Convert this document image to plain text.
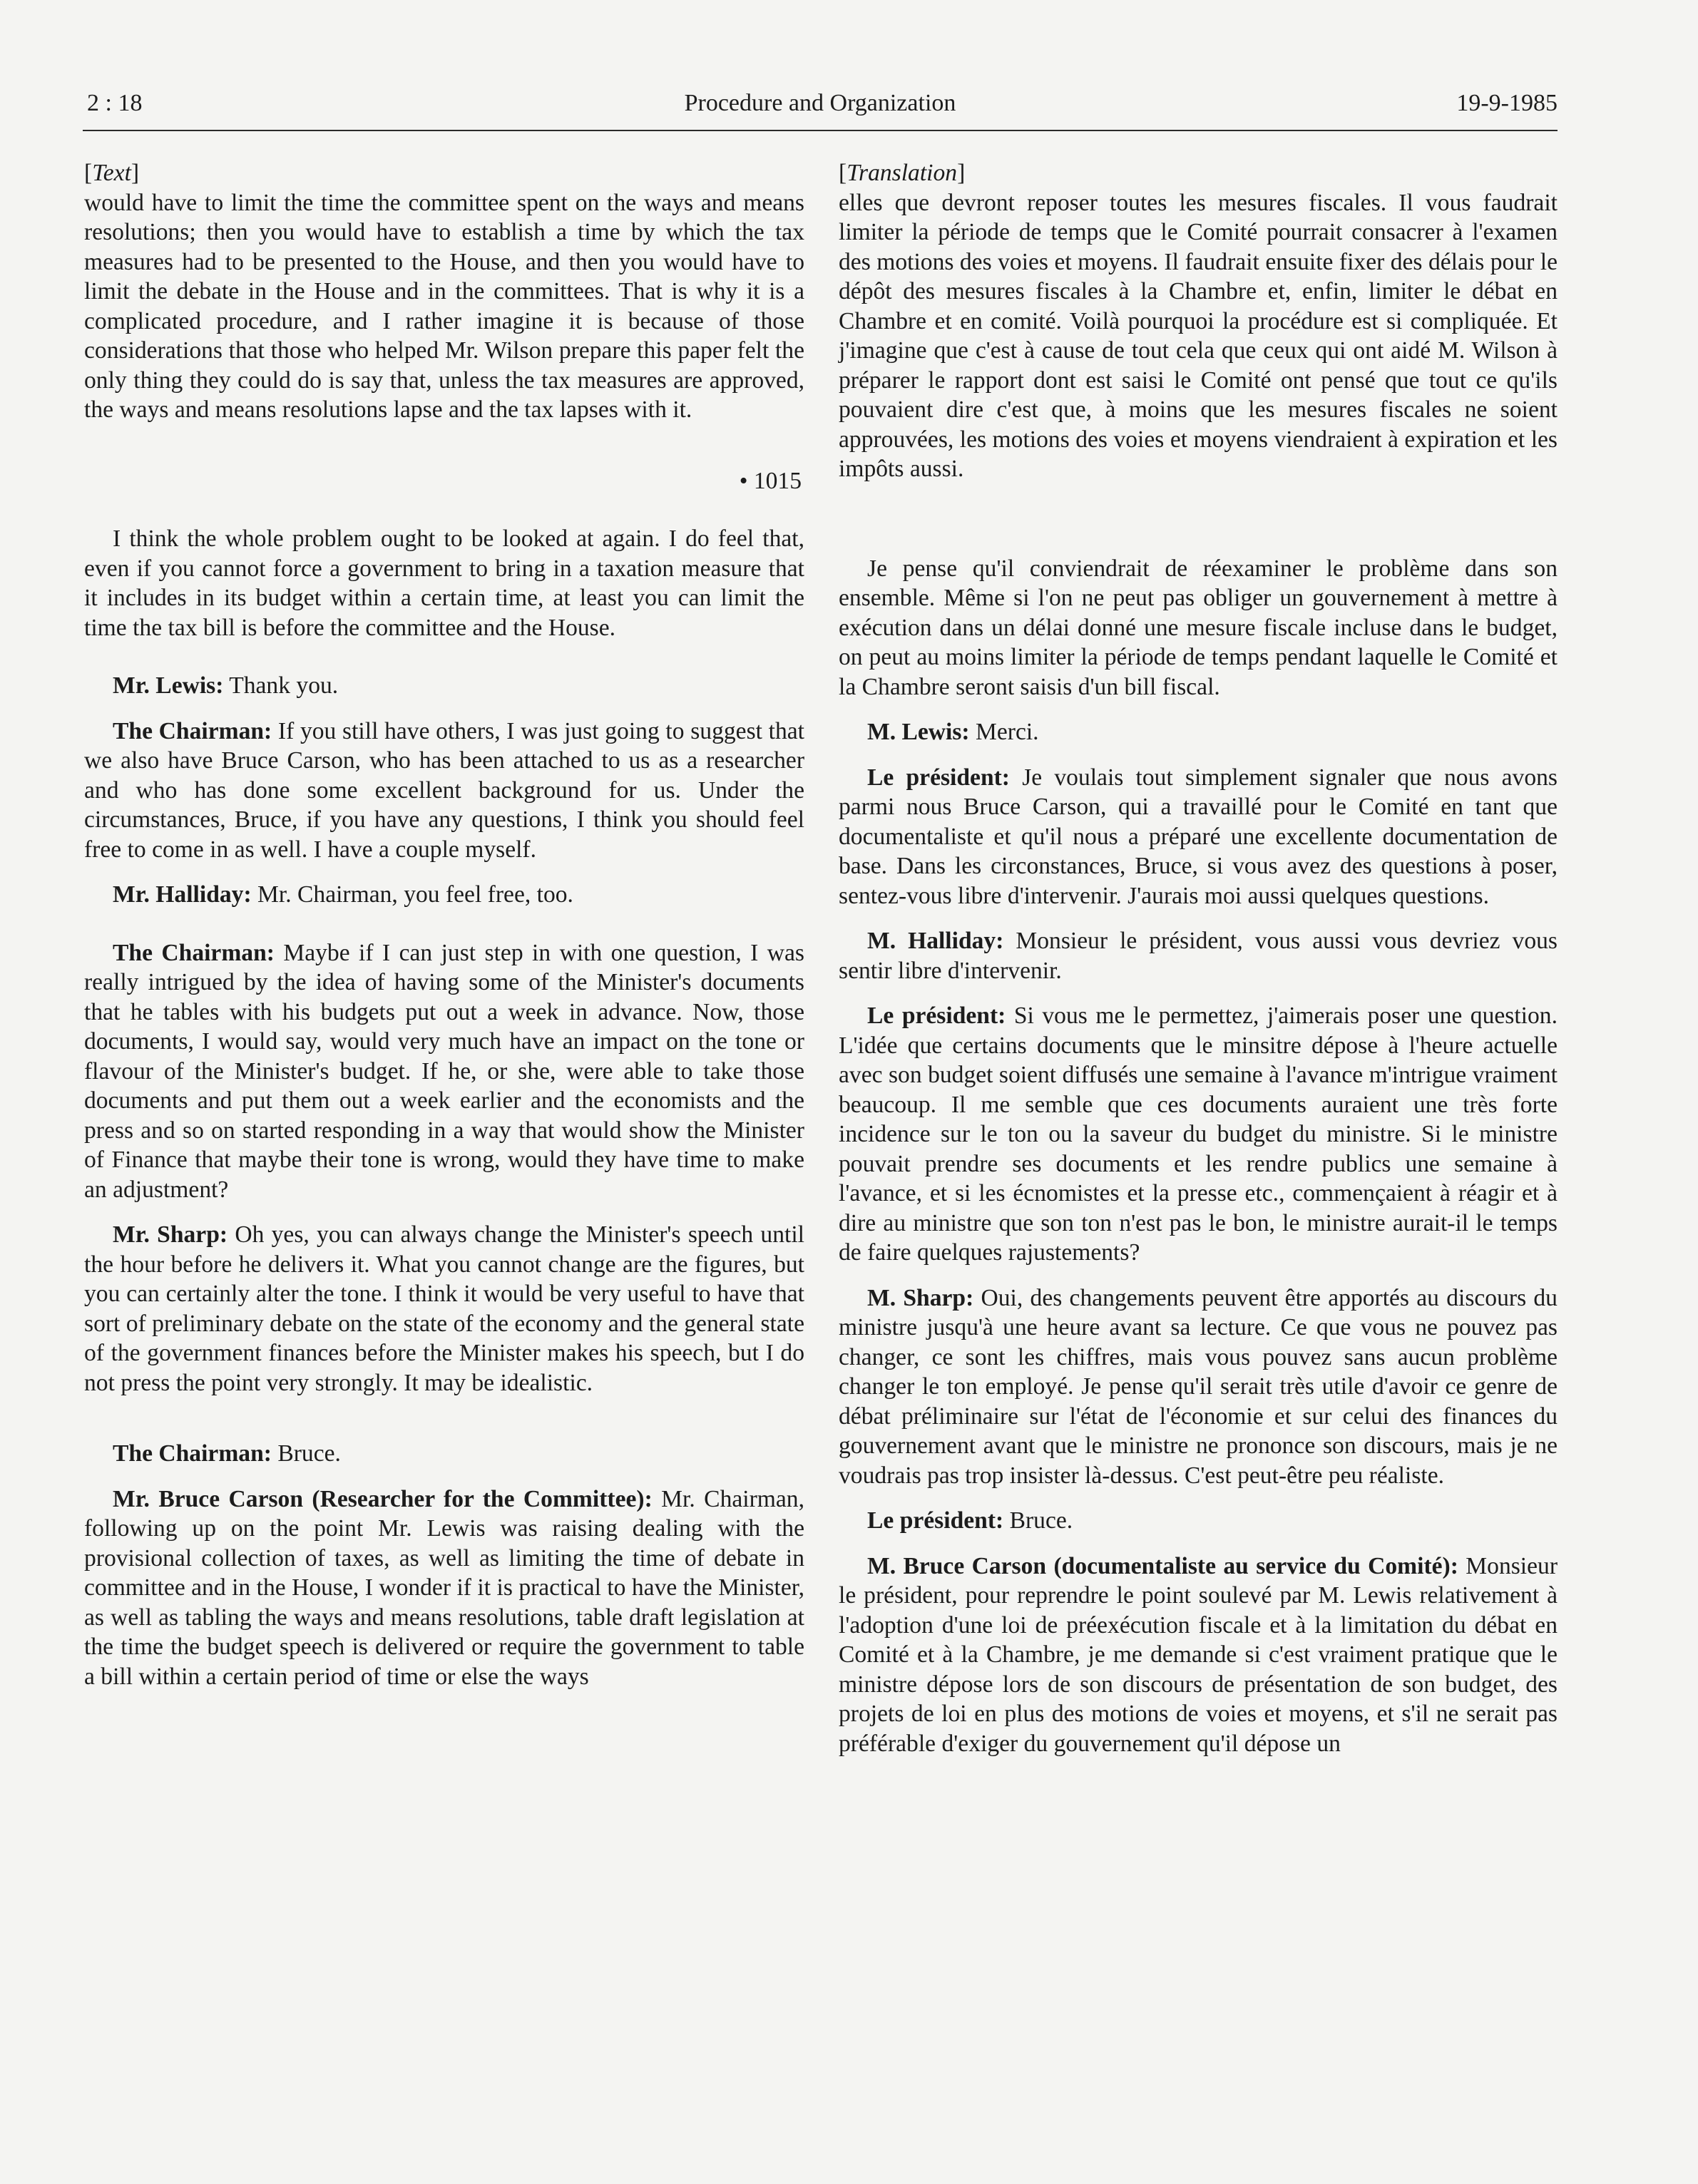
2 : 18	Procedure and Organization	19-9-1985

[Text]

would have to limit the time the committee spent on the ways and means resolutions; then you would have to establish a time by which the tax measures had to be presented to the House, and then you would have to limit the debate in the House and in the committees. That is why it is a complicated procedure, and I rather imagine it is because of those considerations that those who helped Mr. Wilson prepare this paper felt the only thing they could do is say that, unless the tax measures are approved, the ways and means resolutions lapse and the tax lapses with it.

• 1015

I think the whole problem ought to be looked at again. I do feel that, even if you cannot force a government to bring in a taxation measure that it includes in its budget within a certain time, at least you can limit the time the tax bill is before the committee and the House.

Mr. Lewis: Thank you.

The Chairman: If you still have others, I was just going to suggest that we also have Bruce Carson, who has been attached to us as a researcher and who has done some excellent background for us. Under the circumstances, Bruce, if you have any questions, I think you should feel free to come in as well. I have a couple myself.

Mr. Halliday: Mr. Chairman, you feel free, too.

The Chairman: Maybe if I can just step in with one question, I was really intrigued by the idea of having some of the Minister's documents that he tables with his budgets put out a week in advance. Now, those documents, I would say, would very much have an impact on the tone or flavour of the Minister's budget. If he, or she, were able to take those documents and put them out a week earlier and the economists and the press and so on started responding in a way that would show the Minister of Finance that maybe their tone is wrong, would they have time to make an adjustment?

Mr. Sharp: Oh yes, you can always change the Minister's speech until the hour before he delivers it. What you cannot change are the figures, but you can certainly alter the tone. I think it would be very useful to have that sort of preliminary debate on the state of the economy and the general state of the government finances before the Minister makes his speech, but I do not press the point very strongly. It may be idealistic.

The Chairman: Bruce.

Mr. Bruce Carson (Researcher for the Committee): Mr. Chairman, following up on the point Mr. Lewis was raising dealing with the provisional collection of taxes, as well as limiting the time of debate in committee and in the House, I wonder if it is practical to have the Minister, as well as tabling the ways and means resolutions, table draft legislation at the time the budget speech is delivered or require the government to table a bill within a certain period of time or else the ways

[Translation]

elles que devront reposer toutes les mesures fiscales. Il vous faudrait limiter la période de temps que le Comité pourrait consacrer à l'examen des motions des voies et moyens. Il faudrait ensuite fixer des délais pour le dépôt des mesures fiscales à la Chambre et, enfin, limiter le débat en Chambre et en comité. Voilà pourquoi la procédure est si compliquée. Et j'imagine que c'est à cause de tout cela que ceux qui ont aidé M. Wilson à préparer le rapport dont est saisi le Comité ont pensé que tout ce qu'ils pouvaient dire c'est que, à moins que les mesures fiscales ne soient approuvées, les motions des voies et moyens viendraient à expiration et les impôts aussi.

Je pense qu'il conviendrait de réexaminer le problème dans son ensemble. Même si l'on ne peut pas obliger un gouvernement à mettre à exécution dans un délai donné une mesure fiscale incluse dans le budget, on peut au moins limiter la période de temps pendant laquelle le Comité et la Chambre seront saisis d'un bill fiscal.

M. Lewis: Merci.

Le président: Je voulais tout simplement signaler que nous avons parmi nous Bruce Carson, qui a travaillé pour le Comité en tant que documentaliste et qu'il nous a préparé une excellente documentation de base. Dans les circonstances, Bruce, si vous avez des questions à poser, sentez-vous libre d'intervenir. J'aurais moi aussi quelques questions.

M. Halliday: Monsieur le président, vous aussi vous devriez vous sentir libre d'intervenir.

Le président: Si vous me le permettez, j'aimerais poser une question. L'idée que certains documents que le minsitre dépose à l'heure actuelle avec son budget soient diffusés une semaine à l'avance m'intrigue vraiment beaucoup. Il me semble que ces documents auraient une très forte incidence sur le ton ou la saveur du budget du ministre. Si le ministre pouvait prendre ses documents et les rendre publics une semaine à l'avance, et si les écnomistes et la presse etc., commençaient à réagir et à dire au ministre que son ton n'est pas le bon, le ministre aurait-il le temps de faire quelques rajustements?

M. Sharp: Oui, des changements peuvent être apportés au discours du ministre jusqu'à une heure avant sa lecture. Ce que vous ne pouvez pas changer, ce sont les chiffres, mais vous pouvez sans aucun problème changer le ton employé. Je pense qu'il serait très utile d'avoir ce genre de débat préliminaire sur l'état de l'économie et sur celui des finances du gouvernement avant que le ministre ne prononce son discours, mais je ne voudrais pas trop insister là-dessus. C'est peut-être peu réaliste.

Le président: Bruce.

M. Bruce Carson (documentaliste au service du Comité): Monsieur le président, pour reprendre le point soulevé par M. Lewis relativement à l'adoption d'une loi de préexécution fiscale et à la limitation du débat en Comité et à la Chambre, je me demande si c'est vraiment pratique que le ministre dépose lors de son discours de présentation de son budget, des projets de loi en plus des motions de voies et moyens, et s'il ne serait pas préférable d'exiger du gouvernement qu'il dépose un
